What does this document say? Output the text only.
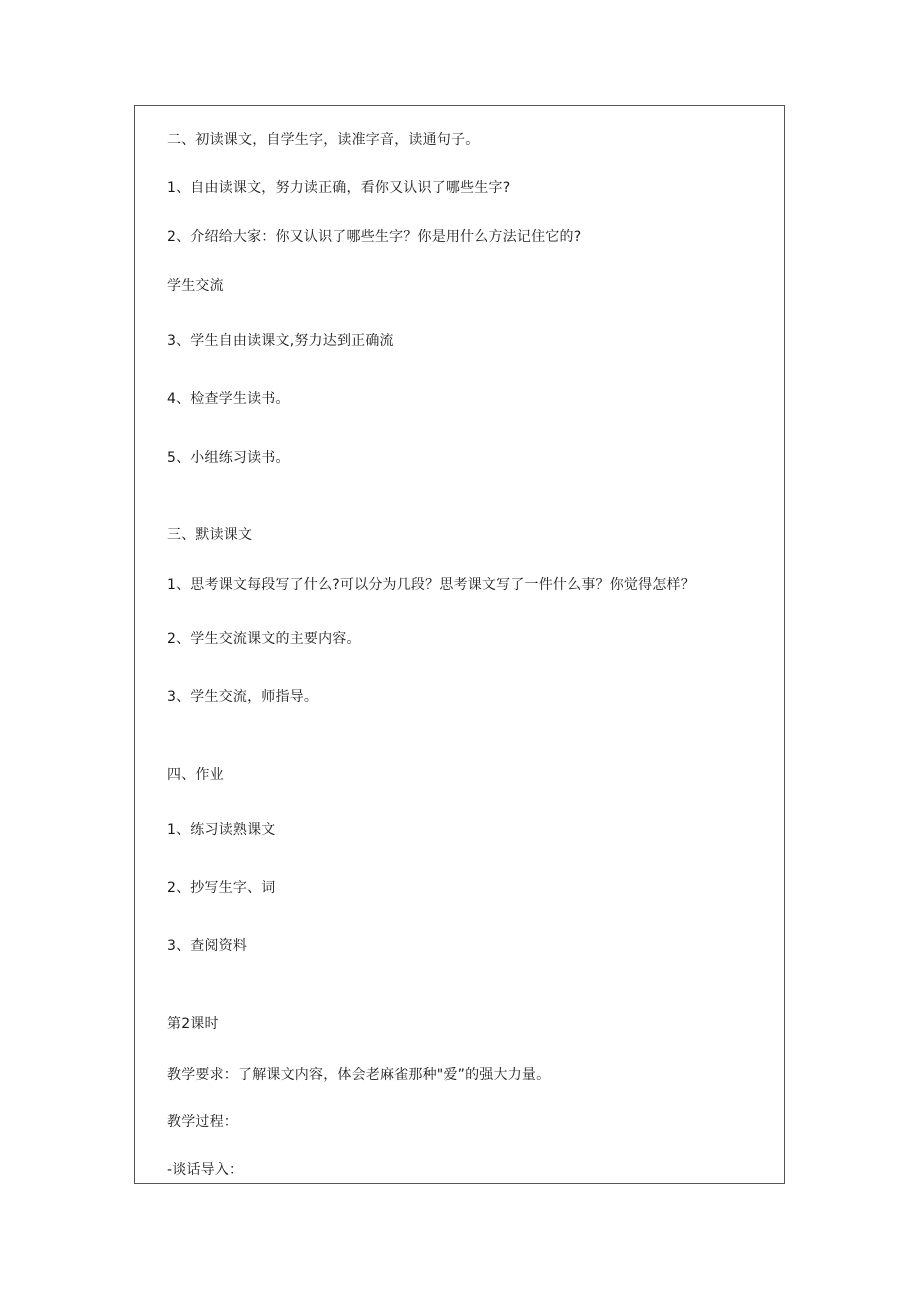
二、初读课文，自学生字，读准字音，读通句子。
1、自由读课文，努力读正确，看你又认识了哪些生字?
2、介绍给大家：你又认识了哪些生字？你是用什么方法记住它的?
学生交流
3、学生自由读课文,努力达到正确流
4、检查学生读书。
5、小组练习读书。
三、默读课文
1、思考课文每段写了什么?可以分为几段？思考课文写了一件什么事？你觉得怎样？
2、学生交流课文的主要内容。
3、学生交流，师指导。
四、作业
1、练习读熟课文
2、抄写生字、词
3、查阅资料
第2课时
教学要求：了解课文内容，体会老麻雀那种"爱”的强大力量。
教学过程：
-谈话导入：
